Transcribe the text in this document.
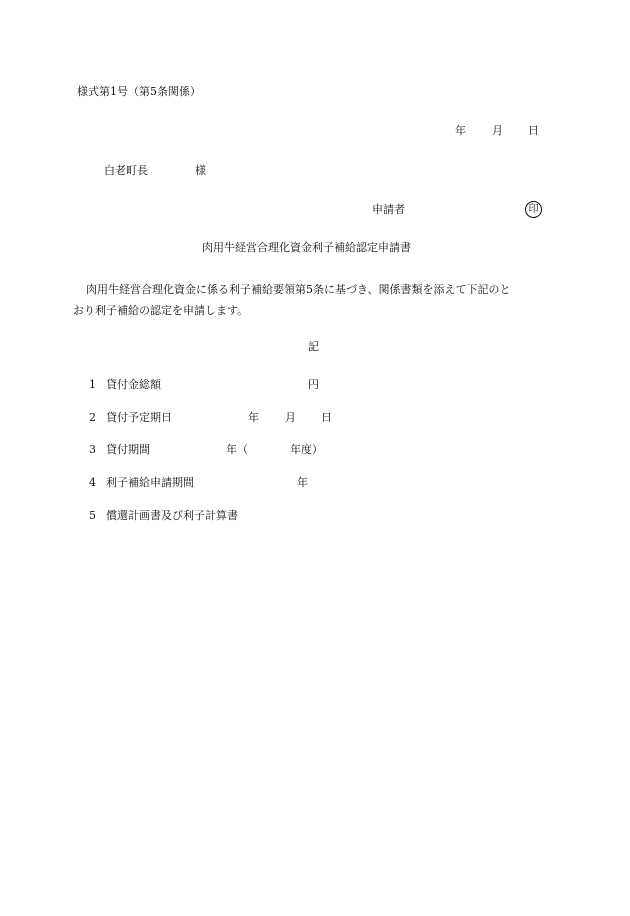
様式第1号（第5条関係）
年 月 日
白老町長	様
申請者	印
肉用牛経営合理化資金利子補給認定申請書
肉用牛経営合理化資金に係る利子補給要領第5条に基づき、関係書類を添えて下記のと
おり利子補給の認定を申請します。
記
1 貸付金総額	円
2 貸付予定期日	年 月 日
3 貸付期間	年（	年度）
4 利子補給申請期間	年
5 償還計画書及び利子計算書
